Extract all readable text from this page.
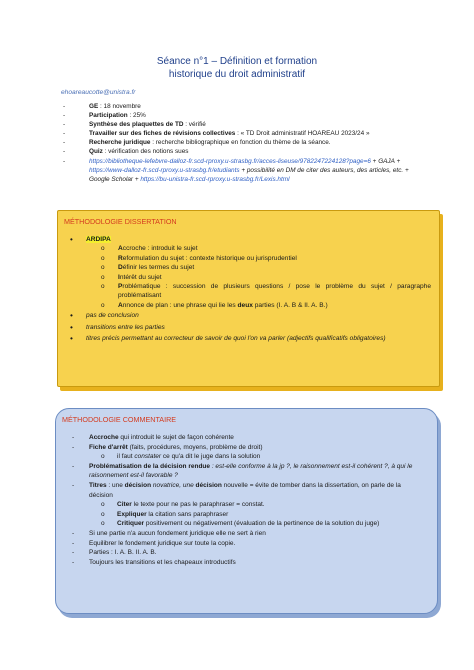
Séance n°1 – Définition et formation
historique du droit administratif
ehoareaucotte@unistra.fr
- GE : 18 novembre
- Participation : 25%
- Synthèse des plaquettes de TD : vérifié
- Travailler sur des fiches de révisions collectives : « TD Droit administratif HOAREAU 2023/24 »
- Recherche juridique : recherche bibliographique en fonction du thème de la séance.
- Quiz : vérification des notions sues
- https://bibliotheque-lefebvre-dalloz-fr.scd-rproxy.u-strasbg.fr/acces-liseuse/9782247224128?page=6 + GAJA + https://www-dalloz-fr.scd-rproxy.u-strasbg.fr/etudiants + possibilité en DM de citer des auteurs, des articles, etc. + Google Scholar + https://bu-unistra-fr.scd-rproxy.u-strasbg.fr/Lexis.html
MÉTHODOLOGIE DISSERTATION
• ARDIPA
o Accroche : introduit le sujet
o Reformulation du sujet : contexte historique ou jurisprudentiel
o Définir les termes du sujet
o Intérêt du sujet
o Problématique : succession de plusieurs questions / pose le problème du sujet / paragraphe problématisant
o Annonce de plan : une phrase qui lie les deux parties (I. A. B & II. A. B.)
• pas de conclusion
• transitions entre les parties
• titres précis permettant au correcteur de savoir de quoi l'on va parler (adjectifs qualificatifs obligatoires)
MÉTHODOLOGIE COMMENTAIRE
- Accroche qui introduit le sujet de façon cohérente
- Fiche d'arrêt (faits, procédures, moyens, problème de droit)
o il faut constater ce qu'a dit le juge dans la solution
- Problématisation de la décision rendue : est-elle conforme à la jp ?, le raisonnement est-il cohérent ?, à qui le raisonnement est-il favorable ?
- Titres : une décision novatrice, une décision nouvelle = évite de tomber dans la dissertation, on parle de la décision
o Citer le texte pour ne pas le paraphraser = constat.
o Expliquer la citation sans paraphraser
o Critiquer positivement ou négativement (évaluation de la pertinence de la solution du juge)
- Si une partie n'a aucun fondement juridique elle ne sert à rien
- Equilibrer le fondement juridique sur toute la copie.
- Parties : I. A. B. II. A. B.
- Toujours les transitions et les chapeaux introductifs
